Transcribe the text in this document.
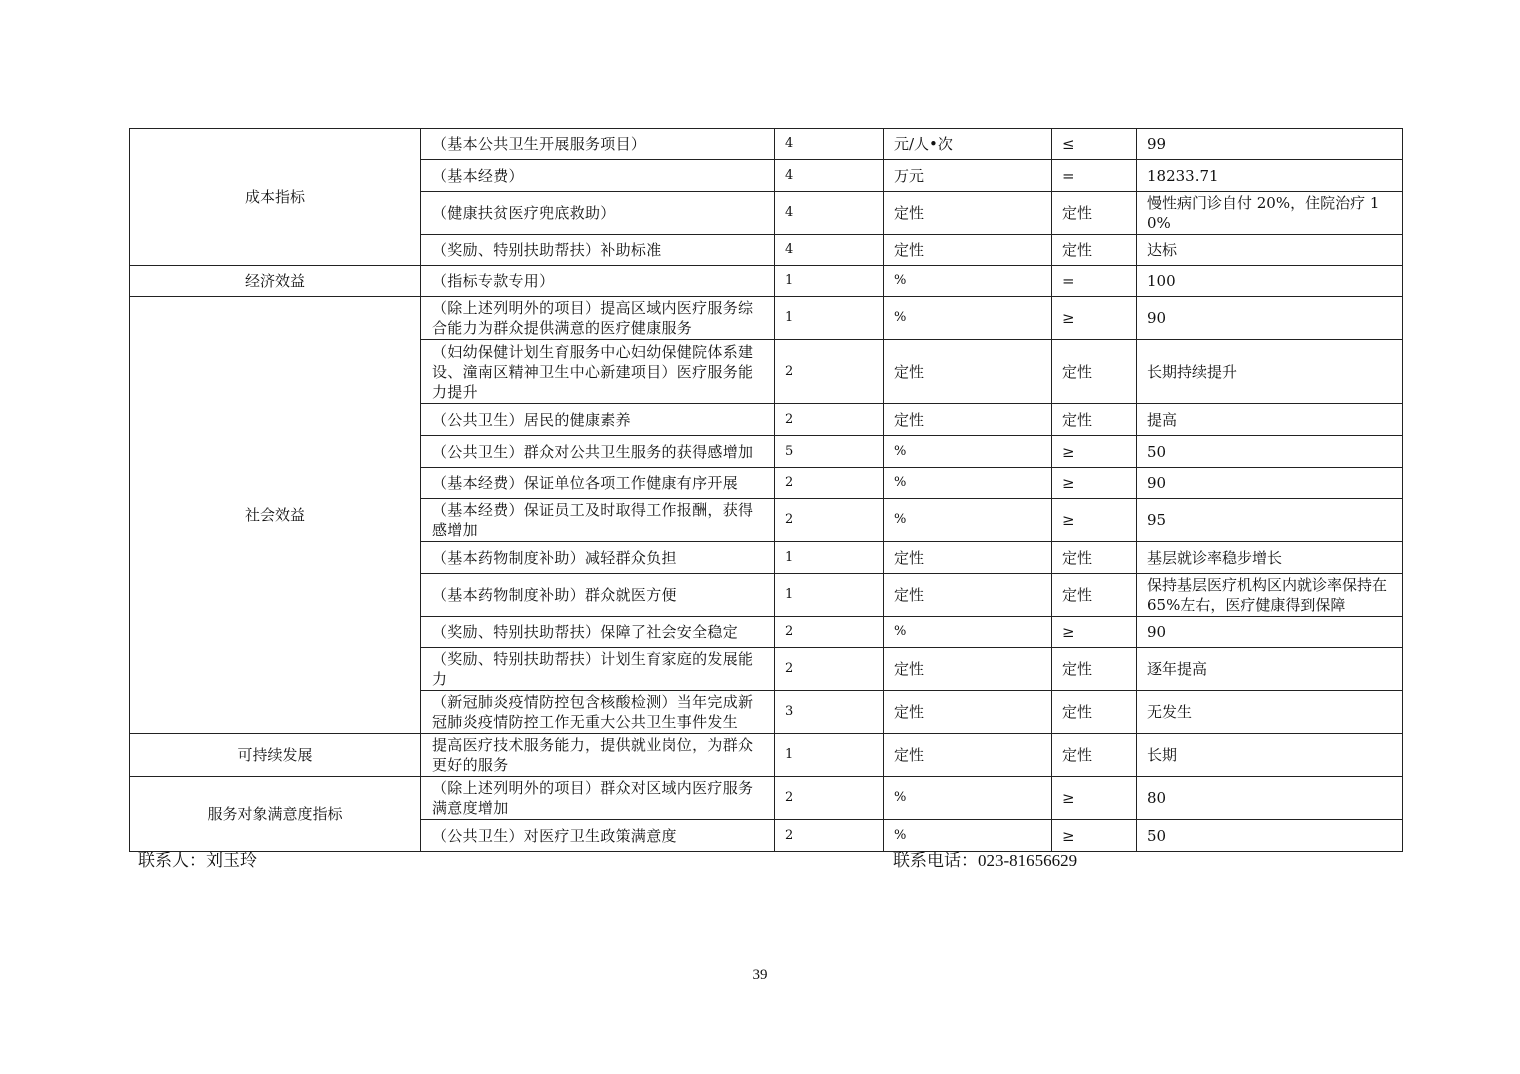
成本指标	（基本公共卫生开展服务项目）	4	元/人•次	≤	99
	（基本经费）	4	万元	=	18233.71
	（健康扶贫医疗兜底救助）	4	定性	定性	慢性病门诊自付 20%，住院治疗 10%
	（奖励、特别扶助帮扶）补助标准	4	定性	定性	达标
经济效益	（指标专款专用）	1	%	=	100
社会效益	（除上述列明外的项目）提高区域内医疗服务综合能力为群众提供满意的医疗健康服务	1	%	≥	90
	（妇幼保健计划生育服务中心妇幼保健院体系建设、潼南区精神卫生中心新建项目）医疗服务能力提升	2	定性	定性	长期持续提升
	（公共卫生）居民的健康素养	2	定性	定性	提高
	（公共卫生）群众对公共卫生服务的获得感增加	5	%	≥	50
	（基本经费）保证单位各项工作健康有序开展	2	%	≥	90
	（基本经费）保证员工及时取得工作报酬，获得感增加	2	%	≥	95
	（基本药物制度补助）减轻群众负担	1	定性	定性	基层就诊率稳步增长
	（基本药物制度补助）群众就医方便	1	定性	定性	保持基层医疗机构区内就诊率保持在 65%左右，医疗健康得到保障
	（奖励、特别扶助帮扶）保障了社会安全稳定	2	%	≥	90
	（奖励、特别扶助帮扶）计划生育家庭的发展能力	2	定性	定性	逐年提高
	（新冠肺炎疫情防控包含核酸检测）当年完成新冠肺炎疫情防控工作无重大公共卫生事件发生	3	定性	定性	无发生
可持续发展	提高医疗技术服务能力，提供就业岗位，为群众更好的服务	1	定性	定性	长期
服务对象满意度指标	（除上述列明外的项目）群众对区域内医疗服务满意度增加	2	%	≥	80
	（公共卫生）对医疗卫生政策满意度	2	%	≥	50
联系人：刘玉玲	联系电话：023-81656629
39
